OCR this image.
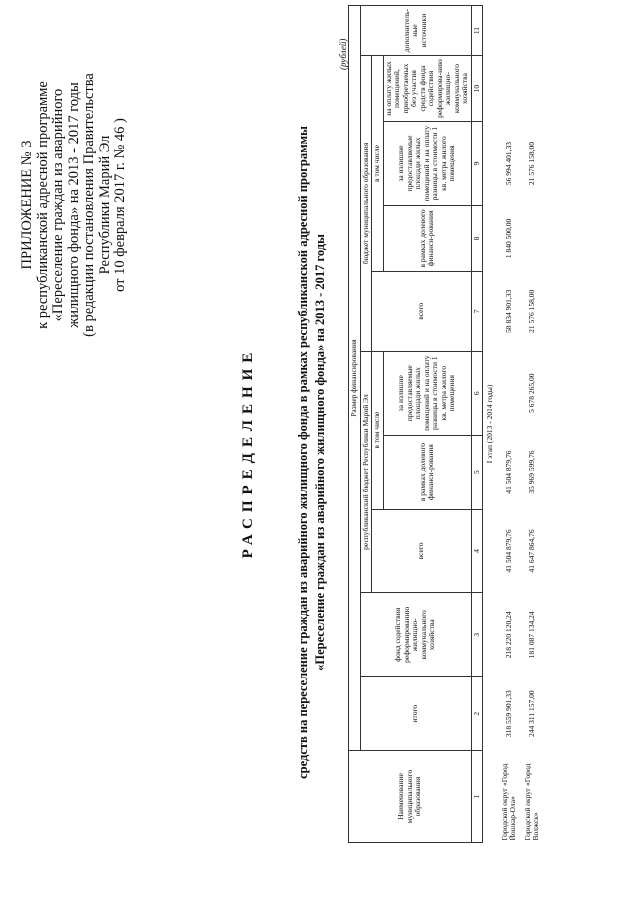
ПРИЛОЖЕНИЕ № 3 к республиканской адресной программе «Переселение граждан из аварийного жилищного фонда» на 2013 - 2017 годы (в редакции постановления Правительства Республики Марий Эл от 10 февраля 2017 г. № 46 )
РАСПРЕДЕЛЕНИЕ	средств на переселение граждан из аварийного жилищного фонда в рамках республиканской адресной программы «Переселение граждан из аварийного жилищного фонда» на 2013 - 2017 годы
(рублей)
Наименование муниципального образования	Размер финансирования									
	итого	фонд содействия реформированию жилищно-коммунального хозяйства	республиканский бюджет Республики Марий Эл			бюджет муниципального образования				дополнитель-ные источники
			всего	в том числе		всего	в том числе			
				в рамках долевого финанси-рования	за излишне предоставляемые площади жилых помещений и на оплату разницы в стоимости 1 кв. метра жилого помещения		в рамках долевого финанси-рования	за излишне предоставляемые площади жилых помещений и на оплату разницы в стоимости 1 кв. метра жилого помещения	на оплату жилых помещений, приобретаемых без участия средств фонда содействия реформирова-нию жилищно-коммунального хозяйства	
1	2	3	4	5	6	7	8	9	10	11
I этап (2013 - 2014 годы)										
Городской округ «Город Йошкар-Ола»	318 559 901,33	218 220 120,24	41 504 879,76	41 504 879,76		58 834 901,33	1 840 500,00	56 994 401,33		
Городской округ «Город Волжск»	244 311 157,00	181 087 134,24	41 647 864,76	35 969 599,76	5 678 265,00	21 576 158,00		21 576 158,00		
